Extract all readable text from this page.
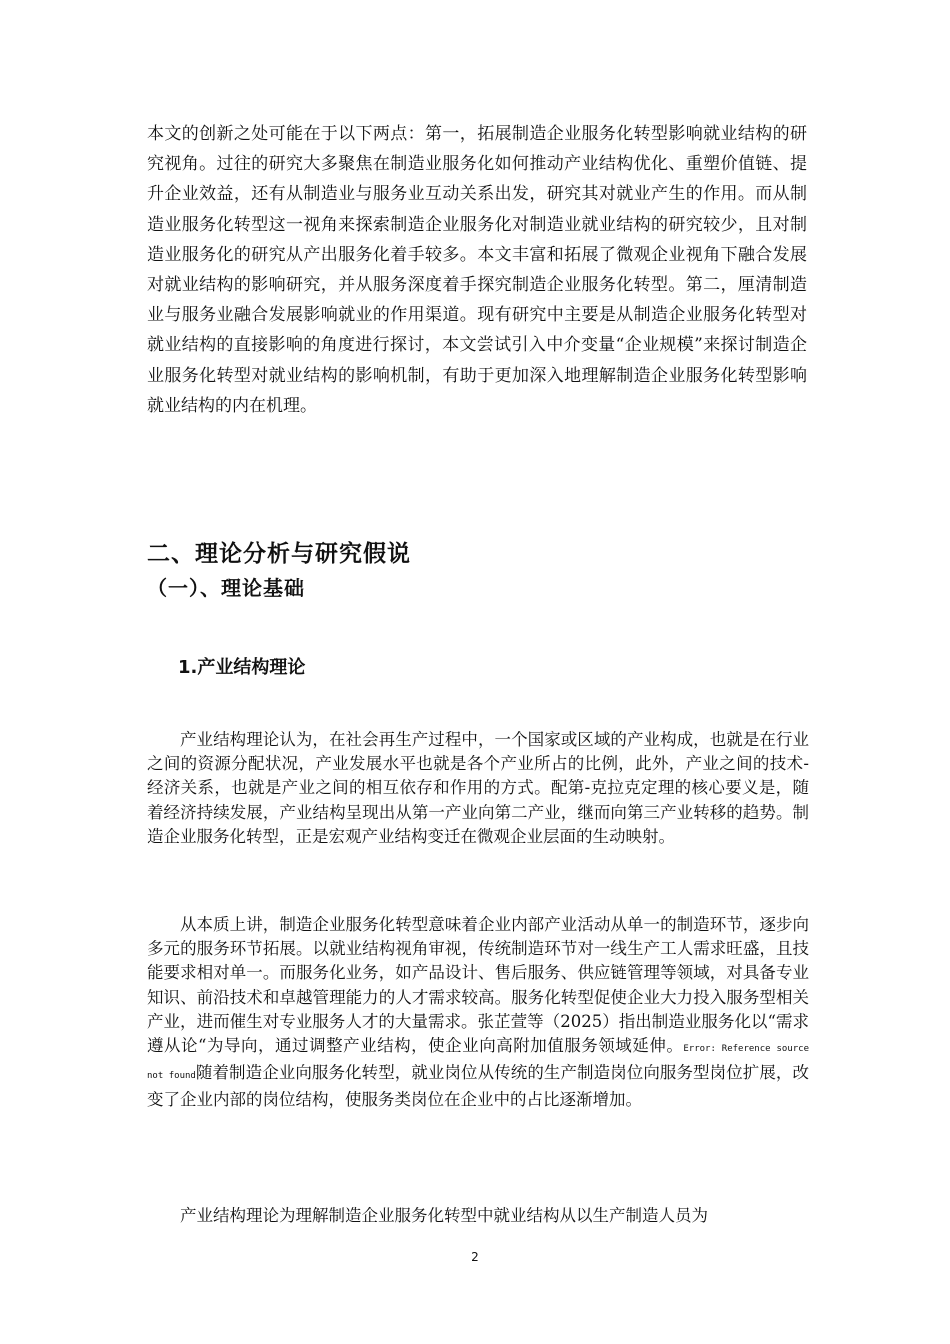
本文的创新之处可能在于以下两点：第一，拓展制造企业服务化转型影响就业结构的研究视角。过往的研究大多聚焦在制造业服务化如何推动产业结构优化、重塑价值链、提升企业效益，还有从制造业与服务业互动关系出发，研究其对就业产生的作用。而从制造业服务化转型这一视角来探索制造企业服务化对制造业就业结构的研究较少，且对制造业服务化的研究从产出服务化着手较多。本文丰富和拓展了微观企业视角下融合发展对就业结构的影响研究，并从服务深度着手探究制造企业服务化转型。第二，厘清制造业与服务业融合发展影响就业的作用渠道。现有研究中主要是从制造企业服务化转型对就业结构的直接影响的角度进行探讨，本文尝试引入中介变量“企业规模”来探讨制造企业服务化转型对就业结构的影响机制，有助于更加深入地理解制造企业服务化转型影响就业结构的内在机理。

二、理论分析与研究假说
（一）、理论基础
1.产业结构理论

产业结构理论认为，在社会再生产过程中，一个国家或区域的产业构成，也就是在行业之间的资源分配状况，产业发展水平也就是各个产业所占的比例，此外，产业之间的技术-经济关系，也就是产业之间的相互依存和作用的方式。配第-克拉克定理的核心要义是，随着经济持续发展，产业结构呈现出从第一产业向第二产业，继而向第三产业转移的趋势。制造企业服务化转型，正是宏观产业结构变迁在微观企业层面的生动映射。

从本质上讲，制造企业服务化转型意味着企业内部产业活动从单一的制造环节，逐步向多元的服务环节拓展。以就业结构视角审视，传统制造环节对一线生产工人需求旺盛，且技能要求相对单一。而服务化业务，如产品设计、售后服务、供应链管理等领域，对具备专业知识、前沿技术和卓越管理能力的人才需求较高。服务化转型促使企业大力投入服务型相关产业，进而催生对专业服务人才的大量需求。张芷萱等（2025）指出制造业服务化以“需求遵从论“为导向，通过调整产业结构，使企业向高附加值服务领域延伸。Error: Reference source not found随着制造企业向服务化转型，就业岗位从传统的生产制造岗位向服务型岗位扩展，改变了企业内部的岗位结构，使服务类岗位在企业中的占比逐渐增加。

产业结构理论为理解制造企业服务化转型中就业结构从以生产制造人员为

2
